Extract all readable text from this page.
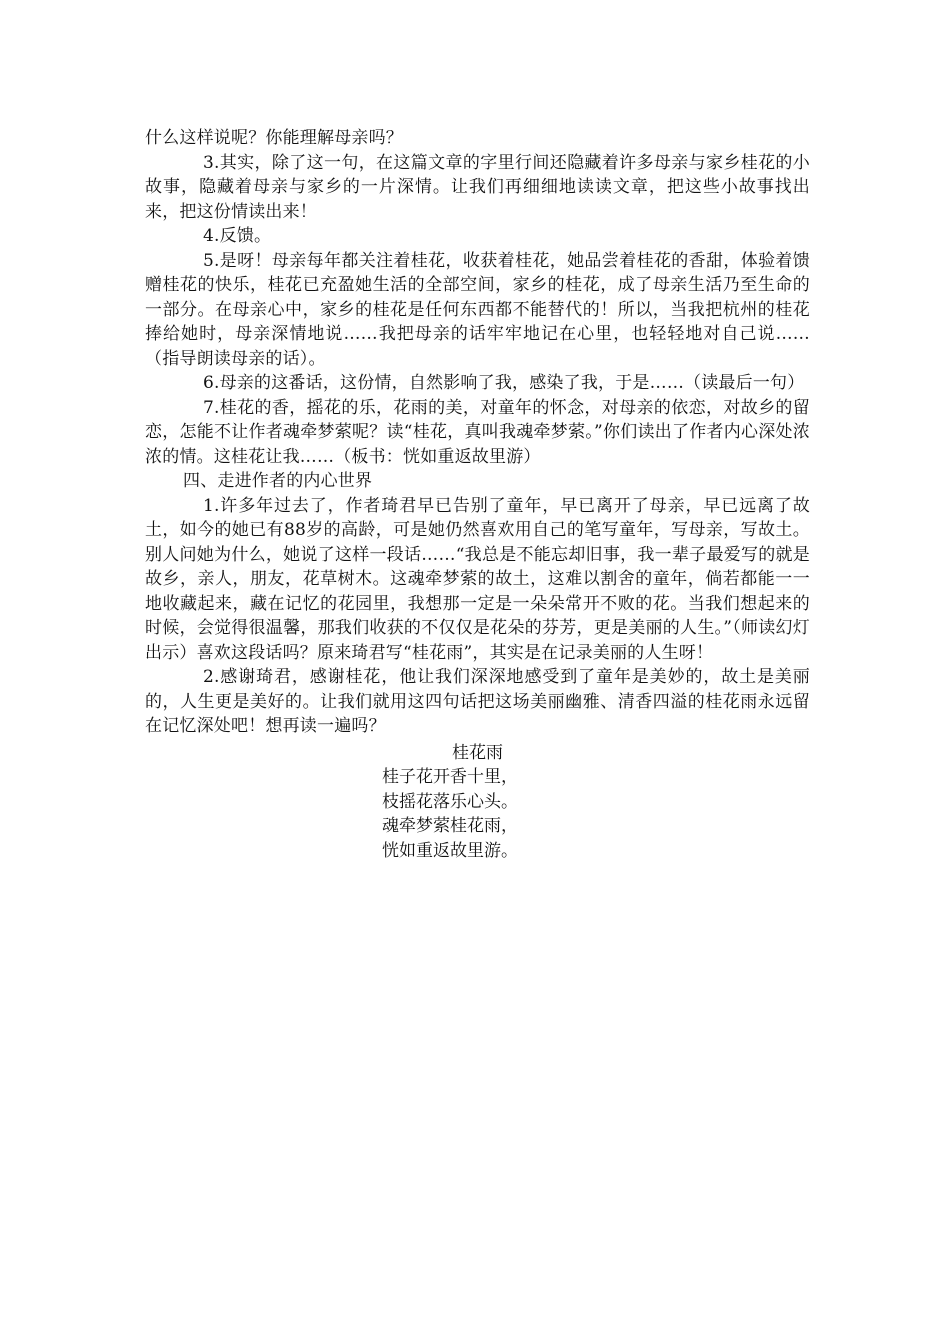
什么这样说呢？你能理解母亲吗？

3.其实，除了这一句，在这篇文章的字里行间还隐藏着许多母亲与家乡桂花的小故事，隐藏着母亲与家乡的一片深情。让我们再细细地读读文章，把这些小故事找出来，把这份情读出来！

4.反馈。

5.是呀！母亲每年都关注着桂花，收获着桂花，她品尝着桂花的香甜，体验着馈赠桂花的快乐，桂花已充盈她生活的全部空间，家乡的桂花，成了母亲生活乃至生命的一部分。在母亲心中，家乡的桂花是任何东西都不能替代的！所以，当我把杭州的桂花捧给她时，母亲深情地说……我把母亲的话牢牢地记在心里，也轻轻地对自己说……（指导朗读母亲的话）。

6.母亲的这番话，这份情，自然影响了我，感染了我，于是……（读最后一句）

7.桂花的香，摇花的乐，花雨的美，对童年的怀念，对母亲的依恋，对故乡的留恋，怎能不让作者魂牵梦萦呢？读“桂花，真叫我魂牵梦萦。”你们读出了作者内心深处浓浓的情。这桂花让我……（板书：恍如重返故里游）

四、走进作者的内心世界

1.许多年过去了，作者琦君早已告别了童年，早已离开了母亲，早已远离了故土，如今的她已有88岁的高龄，可是她仍然喜欢用自己的笔写童年，写母亲，写故土。别人问她为什么，她说了这样一段话……“我总是不能忘却旧事，我一辈子最爱写的就是故乡，亲人，朋友，花草树木。这魂牵梦萦的故土，这难以割舍的童年，倘若都能一一地收藏起来，藏在记忆的花园里，我想那一定是一朵朵常开不败的花。当我们想起来的时候，会觉得很温馨，那我们收获的不仅仅是花朵的芬芳，更是美丽的人生。”（师读幻灯出示）喜欢这段话吗？原来琦君写“桂花雨”，其实是在记录美丽的人生呀！

2.感谢琦君，感谢桂花，他让我们深深地感受到了童年是美妙的，故土是美丽的，人生更是美好的。让我们就用这四句话把这场美丽幽雅、清香四溢的桂花雨永远留在记忆深处吧！想再读一遍吗？

桂花雨

桂子花开香十里，
枝摇花落乐心头。
魂牵梦萦桂花雨，
恍如重返故里游。
